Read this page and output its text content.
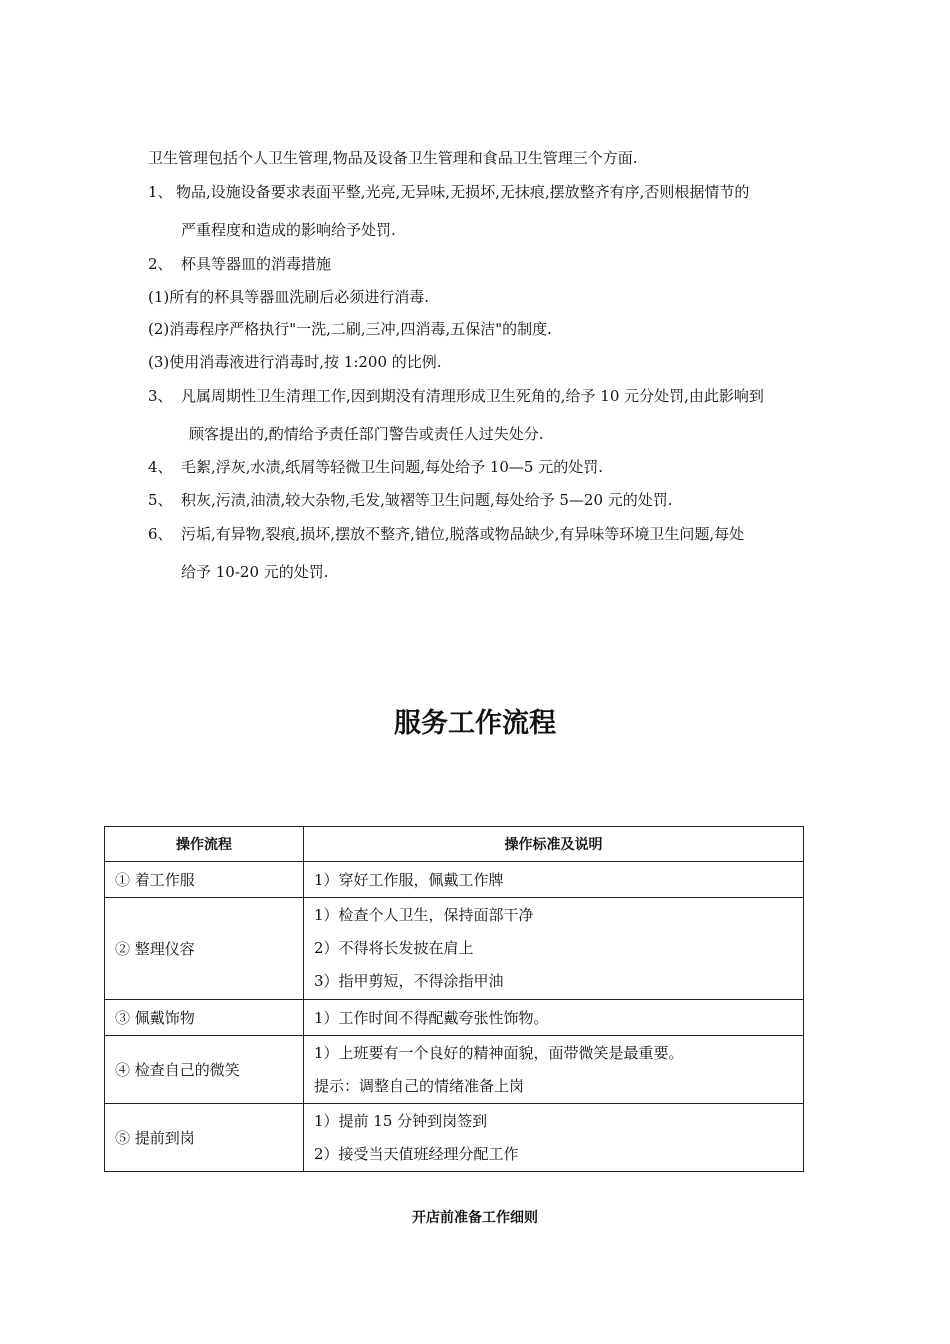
卫生管理包括个人卫生管理,物品及设备卫生管理和食品卫生管理三个方面.
1、 物品,设施设备要求表面平整,光亮,无异味,无损坏,无抹痕,摆放整齐有序,否则根据情节的
严重程度和造成的影响给予处罚.
2、 杯具等器皿的消毒措施
(1)所有的杯具等器皿洗刷后必须进行消毒.
(2)消毒程序严格执行"一洗,二刷,三冲,四消毒,五保洁"的制度.
(3)使用消毒液进行消毒时,按 1:200 的比例.
3、 凡属周期性卫生清理工作,因到期没有清理形成卫生死角的,给予 10 元分处罚,由此影响到
顾客提出的,酌情给予责任部门警告或责任人过失处分.
4、 毛絮,浮灰,水渍,纸屑等轻微卫生问题,每处给予 10—5 元的处罚.
5、 积灰,污渍,油渍,较大杂物,毛发,皱褶等卫生问题,每处给予 5—20 元的处罚.
6、 污垢,有异物,裂痕,损坏,摆放不整齐,错位,脱落或物品缺少,有异味等环境卫生问题,每处
给予 10-20 元的处罚.
服务工作流程
操作流程	操作标准及说明
① 着工作服	1）穿好工作服，佩戴工作牌

② 整理仪容	1）检查个人卫生，保持面部干净
2）不得将长发披在肩上
3）指甲剪短，不得涂指甲油

③ 佩戴饰物	1）工作时间不得配戴夸张性饰物。

④ 检查自己的微笑	1）上班要有一个良好的精神面貌，面带微笑是最重要。
提示：调整自己的情绪准备上岗

⑤ 提前到岗	1）提前 15 分钟到岗签到
2）接受当天值班经理分配工作
开店前准备工作细则
